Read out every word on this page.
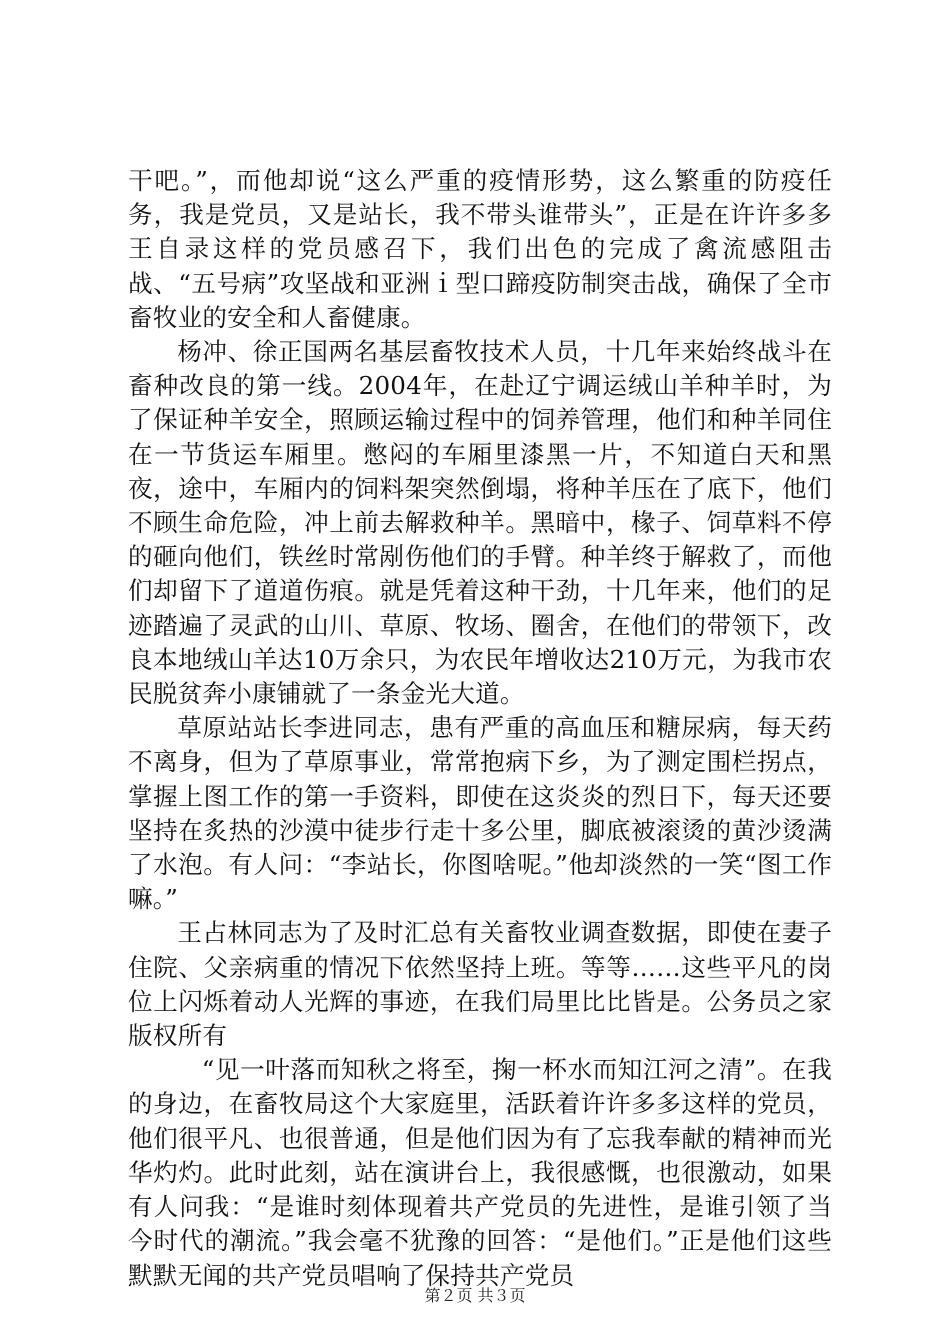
干吧。”，而他却说“这么严重的疫情形势，这么繁重的防疫任务，我是党员，又是站长，我不带头谁带头”，正是在许许多多王自录这样的党员感召下，我们出色的完成了禽流感阻击战、“五号病”攻坚战和亚洲ｉ型口蹄疫防制突击战，确保了全市畜牧业的安全和人畜健康。

杨冲、徐正国两名基层畜牧技术人员，十几年来始终战斗在畜种改良的第一线。2004年，在赴辽宁调运绒山羊种羊时，为了保证种羊安全，照顾运输过程中的饲养管理，他们和种羊同住在一节货运车厢里。憋闷的车厢里漆黑一片，不知道白天和黑夜，途中，车厢内的饲料架突然倒塌，将种羊压在了底下，他们不顾生命危险，冲上前去解救种羊。黑暗中，椽子、饲草料不停的砸向他们，铁丝时常剐伤他们的手臂。种羊终于解救了，而他们却留下了道道伤痕。就是凭着这种干劲，十几年来，他们的足迹踏遍了灵武的山川、草原、牧场、圈舍，在他们的带领下，改良本地绒山羊达10万余只，为农民年增收达210万元，为我市农民脱贫奔小康铺就了一条金光大道。

草原站站长李进同志，患有严重的高血压和糖尿病，每天药不离身，但为了草原事业，常常抱病下乡，为了测定围栏拐点，掌握上图工作的第一手资料，即使在这炎炎的烈日下，每天还要坚持在炙热的沙漠中徒步行走十多公里，脚底被滚烫的黄沙烫满了水泡。有人问：“李站长，你图啥呢。”他却淡然的一笑“图工作嘛。”

王占林同志为了及时汇总有关畜牧业调查数据，即使在妻子住院、父亲病重的情况下依然坚持上班。等等……这些平凡的岗位上闪烁着动人光辉的事迹，在我们局里比比皆是。公务员之家版权所有

“见一叶落而知秋之将至，掬一杯水而知江河之清”。在我的身边，在畜牧局这个大家庭里，活跃着许许多多这样的党员，他们很平凡、也很普通，但是他们因为有了忘我奉献的精神而光华灼灼。此时此刻，站在演讲台上，我很感慨，也很激动，如果有人问我：“是谁时刻体现着共产党员的先进性，是谁引领了当今时代的潮流。”我会毫不犹豫的回答：“是他们。”正是他们这些默默无闻的共产党员唱响了保持共产党员

第２页 共３页
